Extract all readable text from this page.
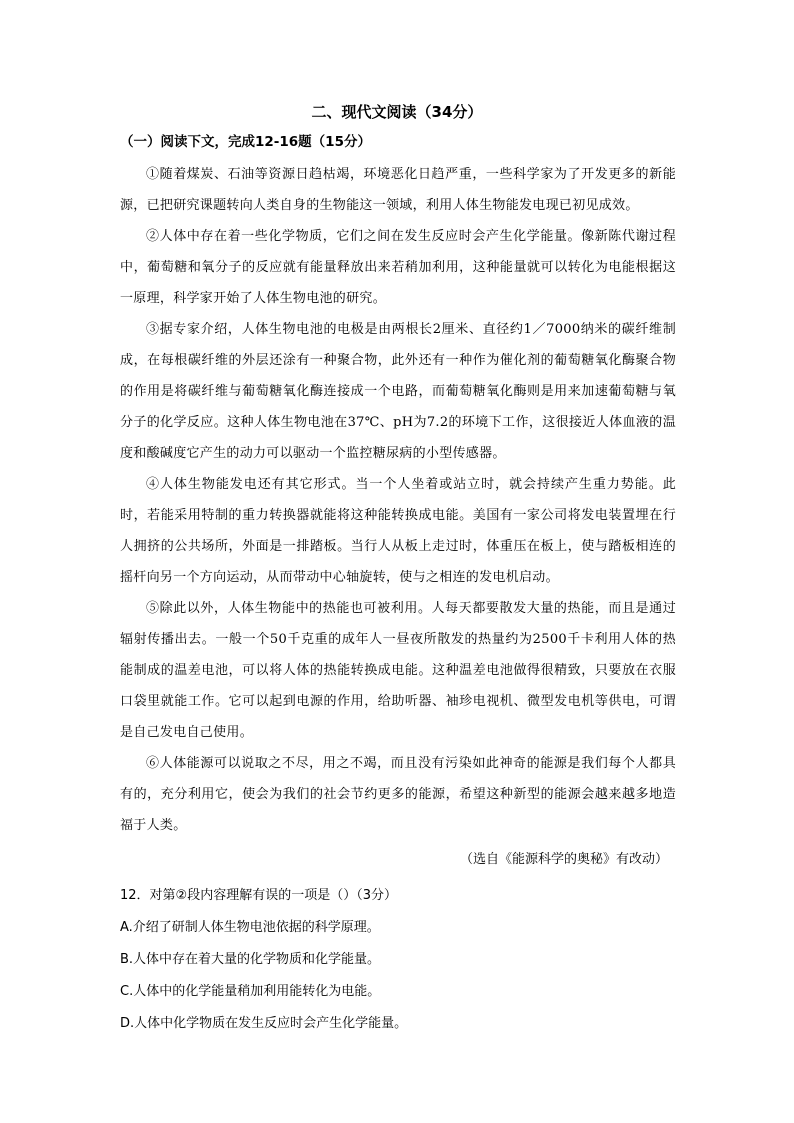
二、现代文阅读（34分）
（一）阅读下文，完成12-16题（15分）

①随着煤炭、石油等资源日趋枯竭，环境恶化日趋严重，一些科学家为了开发更多的新能源，已把研究课题转向人类自身的生物能这一领域，利用人体生物能发电现已初见成效。

②人体中存在着一些化学物质，它们之间在发生反应时会产生化学能量。像新陈代谢过程中，葡萄糖和氧分子的反应就有能量释放出来若稍加利用，这种能量就可以转化为电能根据这一原理，科学家开始了人体生物电池的研究。

③据专家介绍，人体生物电池的电极是由两根长2厘米、直径约1／7000纳米的碳纤维制成，在每根碳纤维的外层还涂有一种聚合物，此外还有一种作为催化剂的葡萄糖氧化酶聚合物的作用是将碳纤维与葡萄糖氧化酶连接成一个电路，而葡萄糖氧化酶则是用来加速葡萄糖与氧分子的化学反应。这种人体生物电池在37℃、pH为7.2的环境下工作，这很接近人体血液的温度和酸碱度它产生的动力可以驱动一个监控糖尿病的小型传感器。

④人体生物能发电还有其它形式。当一个人坐着或站立时，就会持续产生重力势能。此时，若能采用特制的重力转换器就能将这种能转换成电能。美国有一家公司将发电装置埋在行人拥挤的公共场所，外面是一排踏板。当行人从板上走过时，体重压在板上，使与踏板相连的摇杆向另一个方向运动，从而带动中心轴旋转，使与之相连的发电机启动。

⑤除此以外，人体生物能中的热能也可被利用。人每天都要散发大量的热能，而且是通过辐射传播出去。一般一个50千克重的成年人一昼夜所散发的热量约为2500千卡利用人体的热能制成的温差电池，可以将人体的热能转换成电能。这种温差电池做得很精致，只要放在衣服口袋里就能工作。它可以起到电源的作用，给助听器、袖珍电视机、微型发电机等供电，可谓是自己发电自己使用。

⑥人体能源可以说取之不尽，用之不竭，而且没有污染如此神奇的能源是我们每个人都具有的，充分利用它，使会为我们的社会节约更多的能源，希望这种新型的能源会越来越多地造福于人类。

（选自《能源科学的奥秘》有改动）
12．对第②段内容理解有误的一项是（）（3分）
A.介绍了研制人体生物电池依据的科学原理。
B.人体中存在着大量的化学物质和化学能量。
C.人体中的化学能量稍加利用能转化为电能。
D.人体中化学物质在发生反应时会产生化学能量。
